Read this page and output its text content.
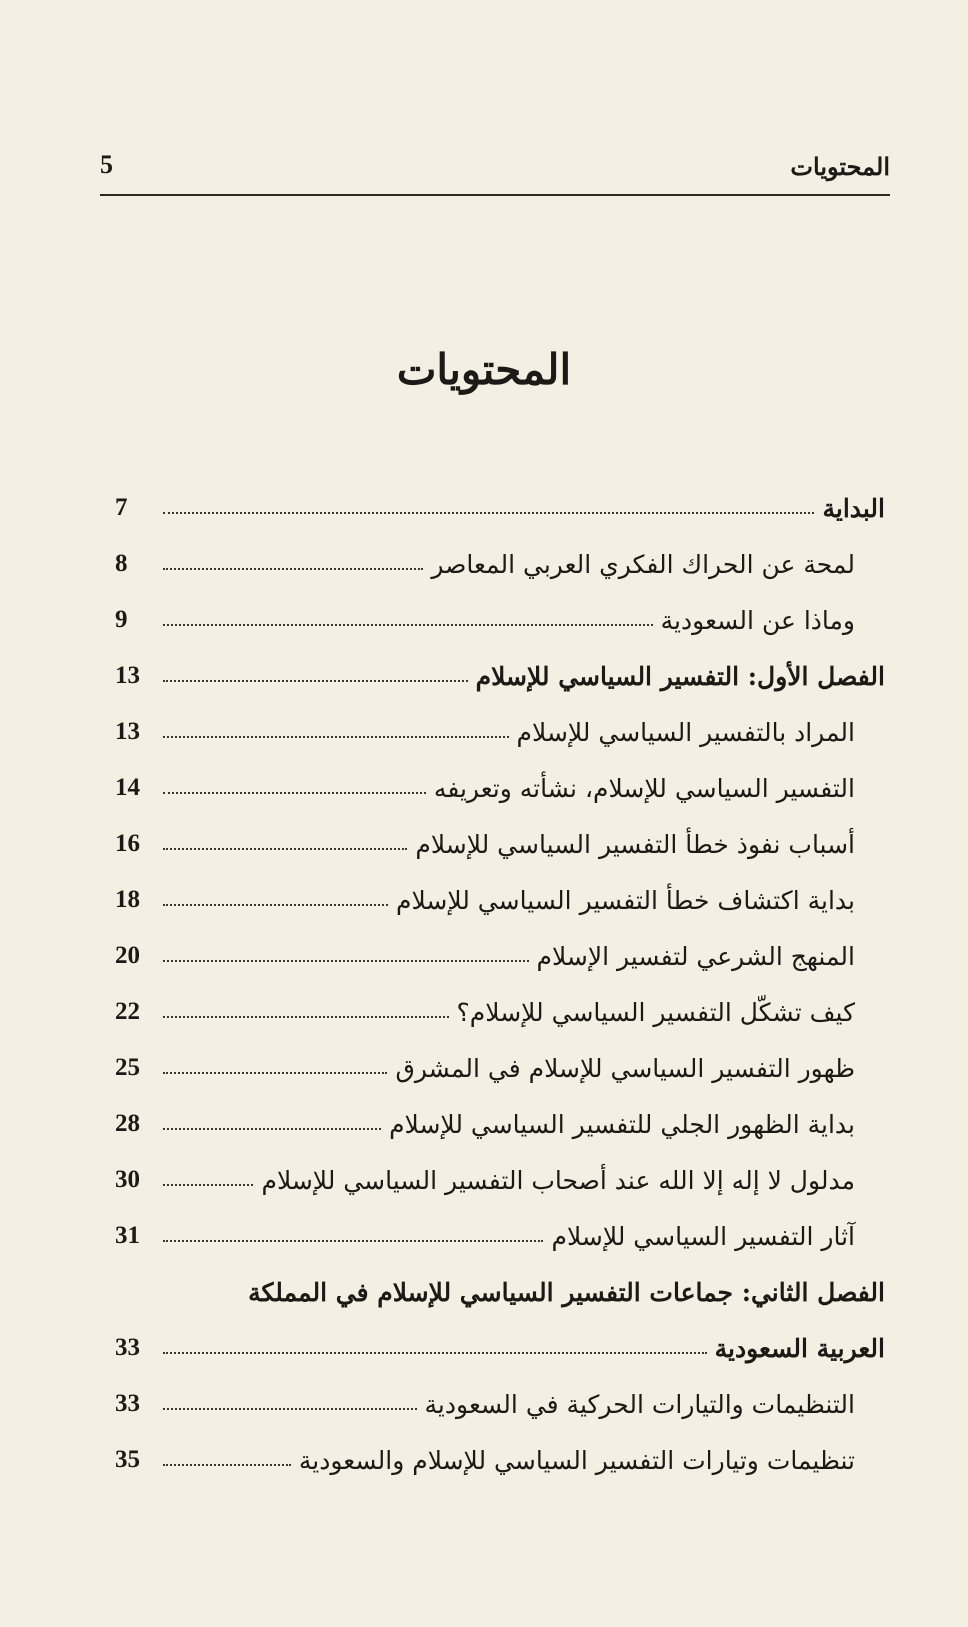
المحتويات
5
المحتويات
7	البداية
8	لمحة عن الحراك الفكري العربي المعاصر
9	وماذا عن السعودية
13	الفصل الأول: التفسير السياسي للإسلام
13	المراد بالتفسير السياسي للإسلام
14	التفسير السياسي للإسلام، نشأته وتعريفه
16	أسباب نفوذ خطأ التفسير السياسي للإسلام
18	بداية اكتشاف خطأ التفسير السياسي للإسلام
20	المنهج الشرعي لتفسير الإسلام
22	كيف تشكّل التفسير السياسي للإسلام؟
25	ظهور التفسير السياسي للإسلام في المشرق
28	بداية الظهور الجلي للتفسير السياسي للإسلام
30	مدلول لا إله إلا الله عند أصحاب التفسير السياسي للإسلام
31	آثار التفسير السياسي للإسلام
الفصل الثاني: جماعات التفسير السياسي للإسلام في المملكة
33	العربية السعودية
33	التنظيمات والتيارات الحركية في السعودية
35	تنظيمات وتيارات التفسير السياسي للإسلام والسعودية
